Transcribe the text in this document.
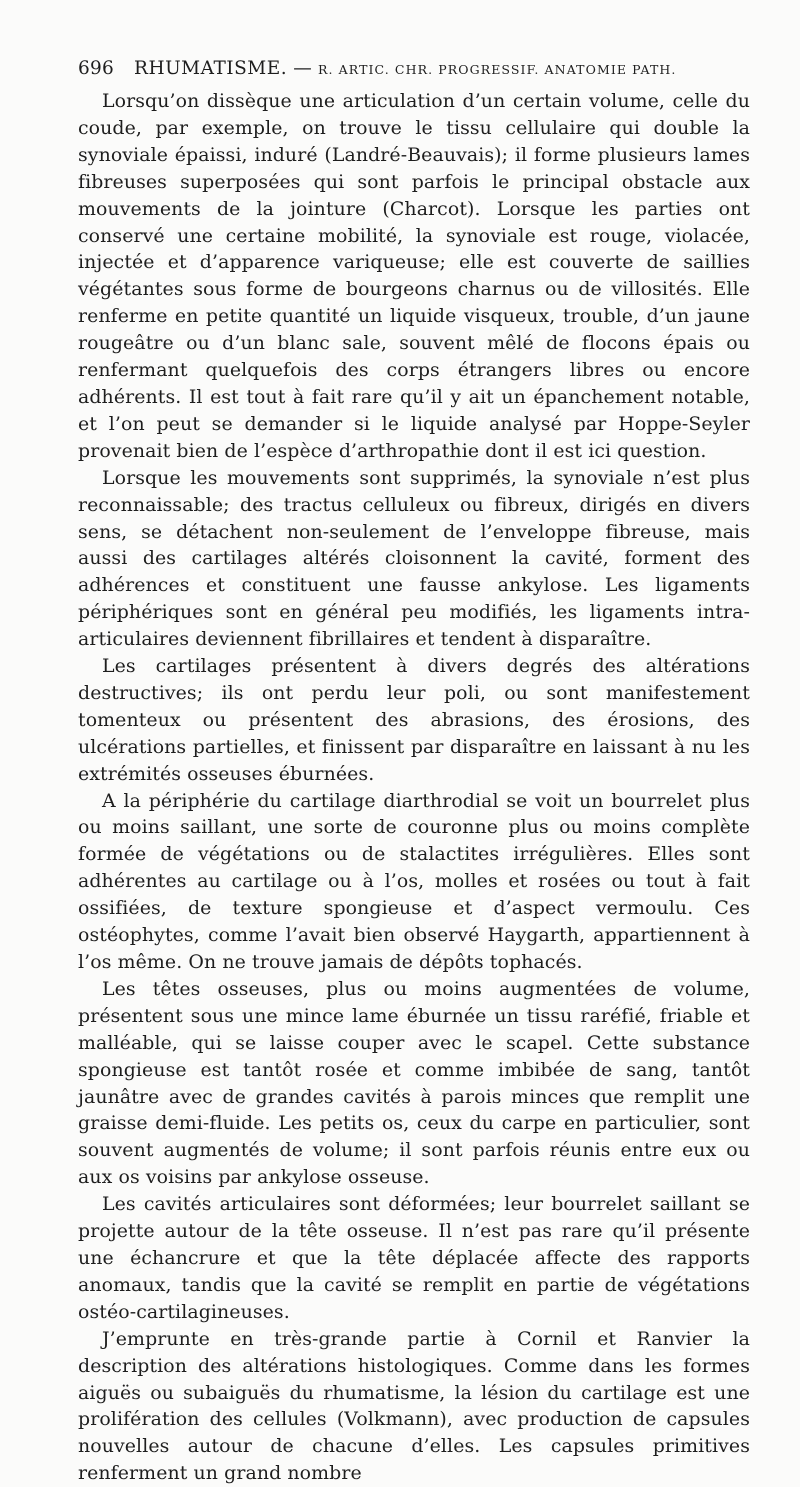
696 RHUMATISME. — R. ARTIC. CHR. PROGRESSIF. ANATOMIE PATH.

Lorsqu’on dissèque une articulation d’un certain volume, celle du coude, par exemple, on trouve le tissu cellulaire qui double la synoviale épaissi, induré (Landré-Beauvais); il forme plusieurs lames fibreuses superposées qui sont parfois le principal obstacle aux mouvements de la jointure (Charcot). Lorsque les parties ont conservé une certaine mobilité, la synoviale est rouge, violacée, injectée et d’apparence variqueuse; elle est couverte de saillies végétantes sous forme de bourgeons charnus ou de villosités. Elle renferme en petite quantité un liquide visqueux, trouble, d’un jaune rougeâtre ou d’un blanc sale, souvent mêlé de flocons épais ou renfermant quelquefois des corps étrangers libres ou encore adhérents. Il est tout à fait rare qu’il y ait un épanchement notable, et l’on peut se demander si le liquide analysé par Hoppe-Seyler provenait bien de l’espèce d’arthropathie dont il est ici question.

Lorsque les mouvements sont supprimés, la synoviale n’est plus reconnaissable; des tractus celluleux ou fibreux, dirigés en divers sens, se détachent non-seulement de l’enveloppe fibreuse, mais aussi des cartilages altérés cloisonnent la cavité, forment des adhérences et constituent une fausse ankylose. Les ligaments périphériques sont en général peu modifiés, les ligaments intra-articulaires deviennent fibrillaires et tendent à disparaître.

Les cartilages présentent à divers degrés des altérations destructives; ils ont perdu leur poli, ou sont manifestement tomenteux ou présentent des abrasions, des érosions, des ulcérations partielles, et finissent par disparaître en laissant à nu les extrémités osseuses éburnées.

A la périphérie du cartilage diarthrodial se voit un bourrelet plus ou moins saillant, une sorte de couronne plus ou moins complète formée de végétations ou de stalactites irrégulières. Elles sont adhérentes au cartilage ou à l’os, molles et rosées ou tout à fait ossifiées, de texture spongieuse et d’aspect vermoulu. Ces ostéophytes, comme l’avait bien observé Haygarth, appartiennent à l’os même. On ne trouve jamais de dépôts tophacés.

Les têtes osseuses, plus ou moins augmentées de volume, présentent sous une mince lame éburnée un tissu raréfié, friable et malléable, qui se laisse couper avec le scapel. Cette substance spongieuse est tantôt rosée et comme imbibée de sang, tantôt jaunâtre avec de grandes cavités à parois minces que remplit une graisse demi-fluide. Les petits os, ceux du carpe en particulier, sont souvent augmentés de volume; il sont parfois réunis entre eux ou aux os voisins par ankylose osseuse.

Les cavités articulaires sont déformées; leur bourrelet saillant se projette autour de la tête osseuse. Il n’est pas rare qu’il présente une échancrure et que la tête déplacée affecte des rapports anomaux, tandis que la cavité se remplit en partie de végétations ostéo-cartilagineuses.

J’emprunte en très-grande partie à Cornil et Ranvier la description des altérations histologiques. Comme dans les formes aiguës ou subaiguës du rhumatisme, la lésion du cartilage est une prolifération des cellules (Volkmann), avec production de capsules nouvelles autour de chacune d’elles. Les capsules primitives renferment un grand nombre
